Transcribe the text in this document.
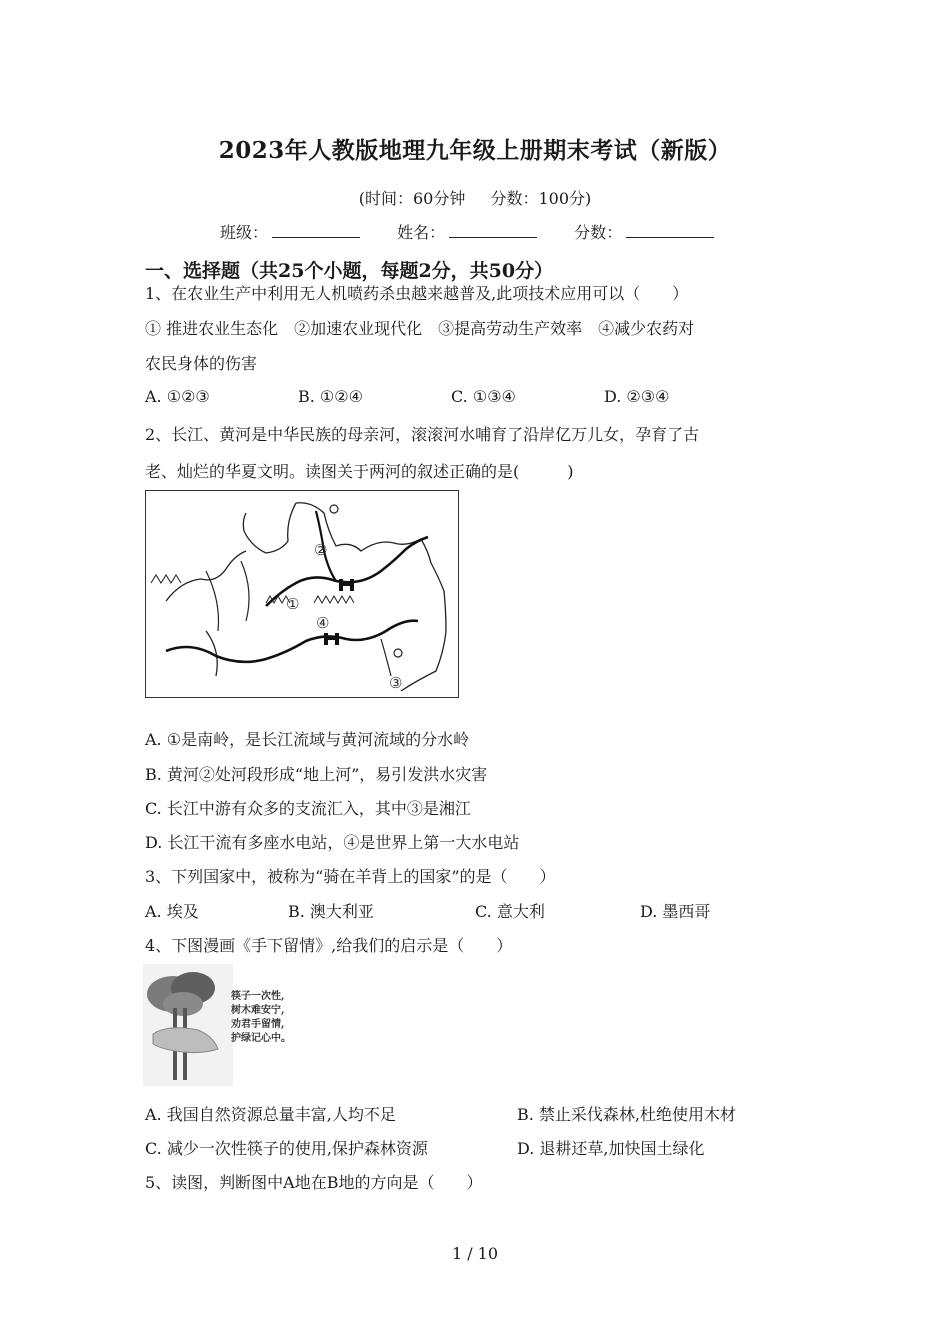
2023年人教版地理九年级上册期末考试（新版）
(时间：60分钟 分数：100分)
班级：	姓名：	分数：
一、选择题（共25个小题，每题2分，共50分）
1、在农业生产中利用无人机喷药杀虫越来越普及,此项技术应用可以（　　）
① 推进农业生态化　②加速农业现代化　③提高劳动生产效率　④减少农药对
农民身体的伤害
A. ①②③	B. ①②④	C. ①③④	D. ②③④
2、长江、黄河是中华民族的母亲河，滚滚河水哺育了沿岸亿万儿女，孕育了古
老、灿烂的华夏文明。读图关于两河的叙述正确的是(　　　)
②
①
④
③
A. ①是南岭，是长江流域与黄河流域的分水岭
B. 黄河②处河段形成“地上河”，易引发洪水灾害
C. 长江中游有众多的支流汇入，其中③是湘江
D. 长江干流有多座水电站，④是世界上第一大水电站
3、下列国家中，被称为“骑在羊背上的国家”的是（　　）
A. 埃及	B. 澳大利亚	C. 意大利	D. 墨西哥
4、下图漫画《手下留情》,给我们的启示是（　　）
筷子一次性,
树木难安宁,
劝君手留情,
护绿记心中。
A. 我国自然资源总量丰富,人均不足	B. 禁止采伐森林,杜绝使用木材
C. 减少一次性筷子的使用,保护森林资源	D. 退耕还草,加快国土绿化
5、读图，判断图中A地在B地的方向是（　　）
1 / 10
